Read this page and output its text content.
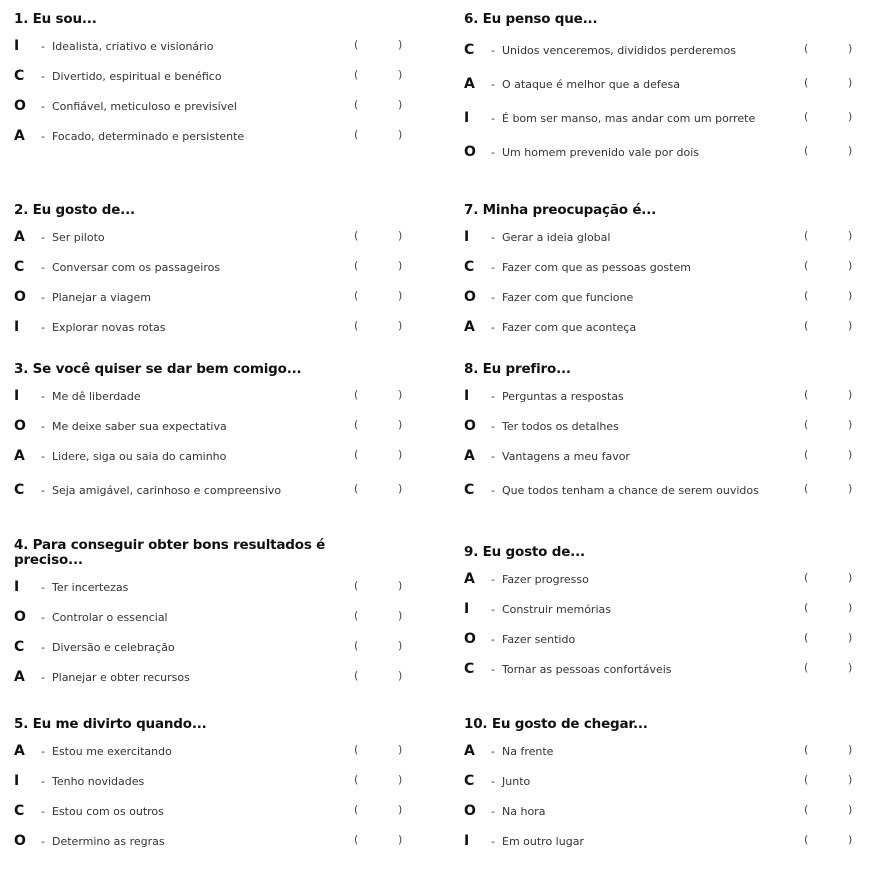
1. Eu sou...
I	- Idealista, criativo e visionário	(	)
C	- Divertido, espiritual e benéfico	(	)
O	- Confiável, meticuloso e previsível	(	)
A	- Focado, determinado e persistente	(	)
2. Eu gosto de...
A	- Ser piloto	(	)
C	- Conversar com os passageiros	(	)
O	- Planejar a viagem	(	)
I	- Explorar novas rotas	(	)
3. Se você quiser se dar bem comigo...
I	- Me dê liberdade	(	)
O	- Me deixe saber sua expectativa	(	)
A	- Lidere, siga ou saia do caminho	(	)
C	- Seja amigável, carinhoso e compreensivo	(	)
4. Para conseguir obter bons resultados é preciso...
I	- Ter incertezas	(	)
O	- Controlar o essencial	(	)
C	- Diversão e celebração	(	)
A	- Planejar e obter recursos	(	)
5. Eu me divirto quando...
A	- Estou me exercitando	(	)
I	- Tenho novidades	(	)
C	- Estou com os outros	(	)
O	- Determino as regras	(	)
6. Eu penso que...
C	- Unidos venceremos, divididos perderemos	(	)
A	- O ataque é melhor que a defesa	(	)
I	- É bom ser manso, mas andar com um porrete	(	)
O	- Um homem prevenido vale por dois	(	)
7. Minha preocupação é...
I	- Gerar a ideia global	(	)
C	- Fazer com que as pessoas gostem	(	)
O	- Fazer com que funcione	(	)
A	- Fazer com que aconteça	(	)
8. Eu prefiro...
I	- Perguntas a respostas	(	)
O	- Ter todos os detalhes	(	)
A	- Vantagens a meu favor	(	)
C	- Que todos tenham a chance de serem ouvidos	(	)
9. Eu gosto de...
A	- Fazer progresso	(	)
I	- Construir memórias	(	)
O	- Fazer sentido	(	)
C	- Tornar as pessoas confortáveis	(	)
10. Eu gosto de chegar...
A	- Na frente	(	)
C	- Junto	(	)
O	- Na hora	(	)
I	- Em outro lugar	(	)
